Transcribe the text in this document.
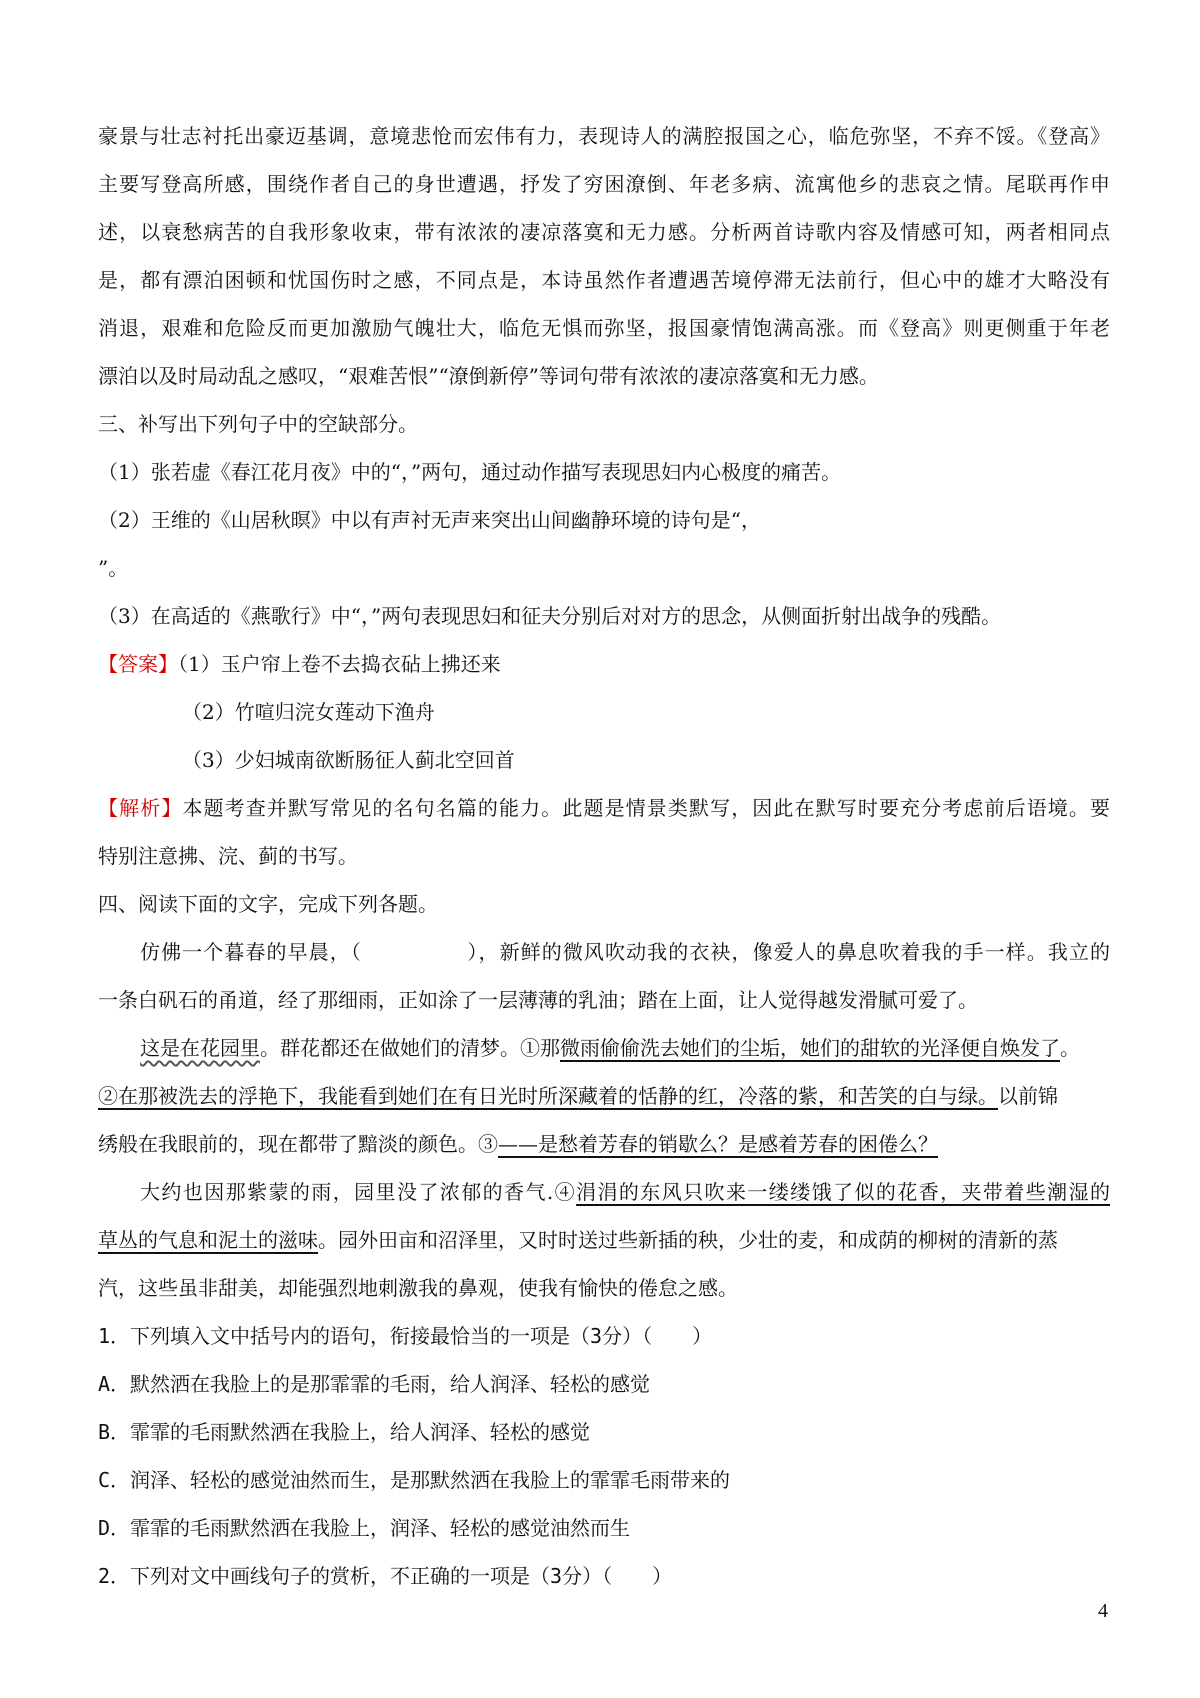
豪景与壮志衬托出豪迈基调，意境悲怆而宏伟有力，表现诗人的满腔报国之心，临危弥坚，不弃不馁。《登高》
主要写登高所感，围绕作者自己的身世遭遇，抒发了穷困潦倒、年老多病、流寓他乡的悲哀之情。尾联再作申
述，以衰愁病苦的自我形象收束，带有浓浓的凄凉落寞和无力感。分析两首诗歌内容及情感可知，两者相同点
是，都有漂泊困顿和忧国伤时之感，不同点是，本诗虽然作者遭遇苦境停滞无法前行，但心中的雄才大略没有
消退，艰难和危险反而更加激励气魄壮大，临危无惧而弥坚，报国豪情饱满高涨。而《登高》则更侧重于年老
漂泊以及时局动乱之感叹，“艰难苦恨”“潦倒新停”等词句带有浓浓的凄凉落寞和无力感。
三、补写出下列句子中的空缺部分。
（1）张若虚《春江花月夜》中的“，”两句，通过动作描写表现思妇内心极度的痛苦。
（2）王维的《山居秋暝》中以有声衬无声来突出山间幽静环境的诗句是“，
”。
（3）在高适的《燕歌行》中“，”两句表现思妇和征夫分别后对对方的思念，从侧面折射出战争的残酷。
【答案】（1）玉户帘上卷不去捣衣砧上拂还来
（2）竹喧归浣女莲动下渔舟
（3）少妇城南欲断肠征人蓟北空回首
【解析】本题考查并默写常见的名句名篇的能力。此题是情景类默写，因此在默写时要充分考虑前后语境。要
特别注意拂、浣、蓟的书写。
四、阅读下面的文字，完成下列各题。
仿佛一个暮春的早晨，（　　　　　），新鲜的微风吹动我的衣袂，像爱人的鼻息吹着我的手一样。我立的
一条白矾石的甬道，经了那细雨，正如涂了一层薄薄的乳油；踏在上面，让人觉得越发滑腻可爱了。
这是在花园里。群花都还在做她们的清梦。①那微雨偷偷洗去她们的尘垢，她们的甜软的光泽便自焕发了。
②在那被洗去的浮艳下，我能看到她们在有日光时所深藏着的恬静的红，冷落的紫，和苦笑的白与绿。以前锦
绣般在我眼前的，现在都带了黯淡的颜色。③——是愁着芳春的销歇么？是感着芳春的困倦么？
大约也因那紫蒙的雨，园里没了浓郁的香气.④涓涓的东风只吹来一缕缕饿了似的花香，夹带着些潮湿的
草丛的气息和泥土的滋味。园外田亩和沼泽里，又时时送过些新插的秧，少壮的麦，和成荫的柳树的清新的蒸
汽，这些虽非甜美，却能强烈地刺激我的鼻观，使我有愉快的倦怠之感。
1．下列填入文中括号内的语句，衔接最恰当的一项是（3分）（　　）
A．默然洒在我脸上的是那霏霏的毛雨，给人润泽、轻松的感觉
B．霏霏的毛雨默然洒在我脸上，给人润泽、轻松的感觉
C．润泽、轻松的感觉油然而生，是那默然洒在我脸上的霏霏毛雨带来的
D．霏霏的毛雨默然洒在我脸上，润泽、轻松的感觉油然而生
2．下列对文中画线句子的赏析，不正确的一项是（3分）（　　）
4
